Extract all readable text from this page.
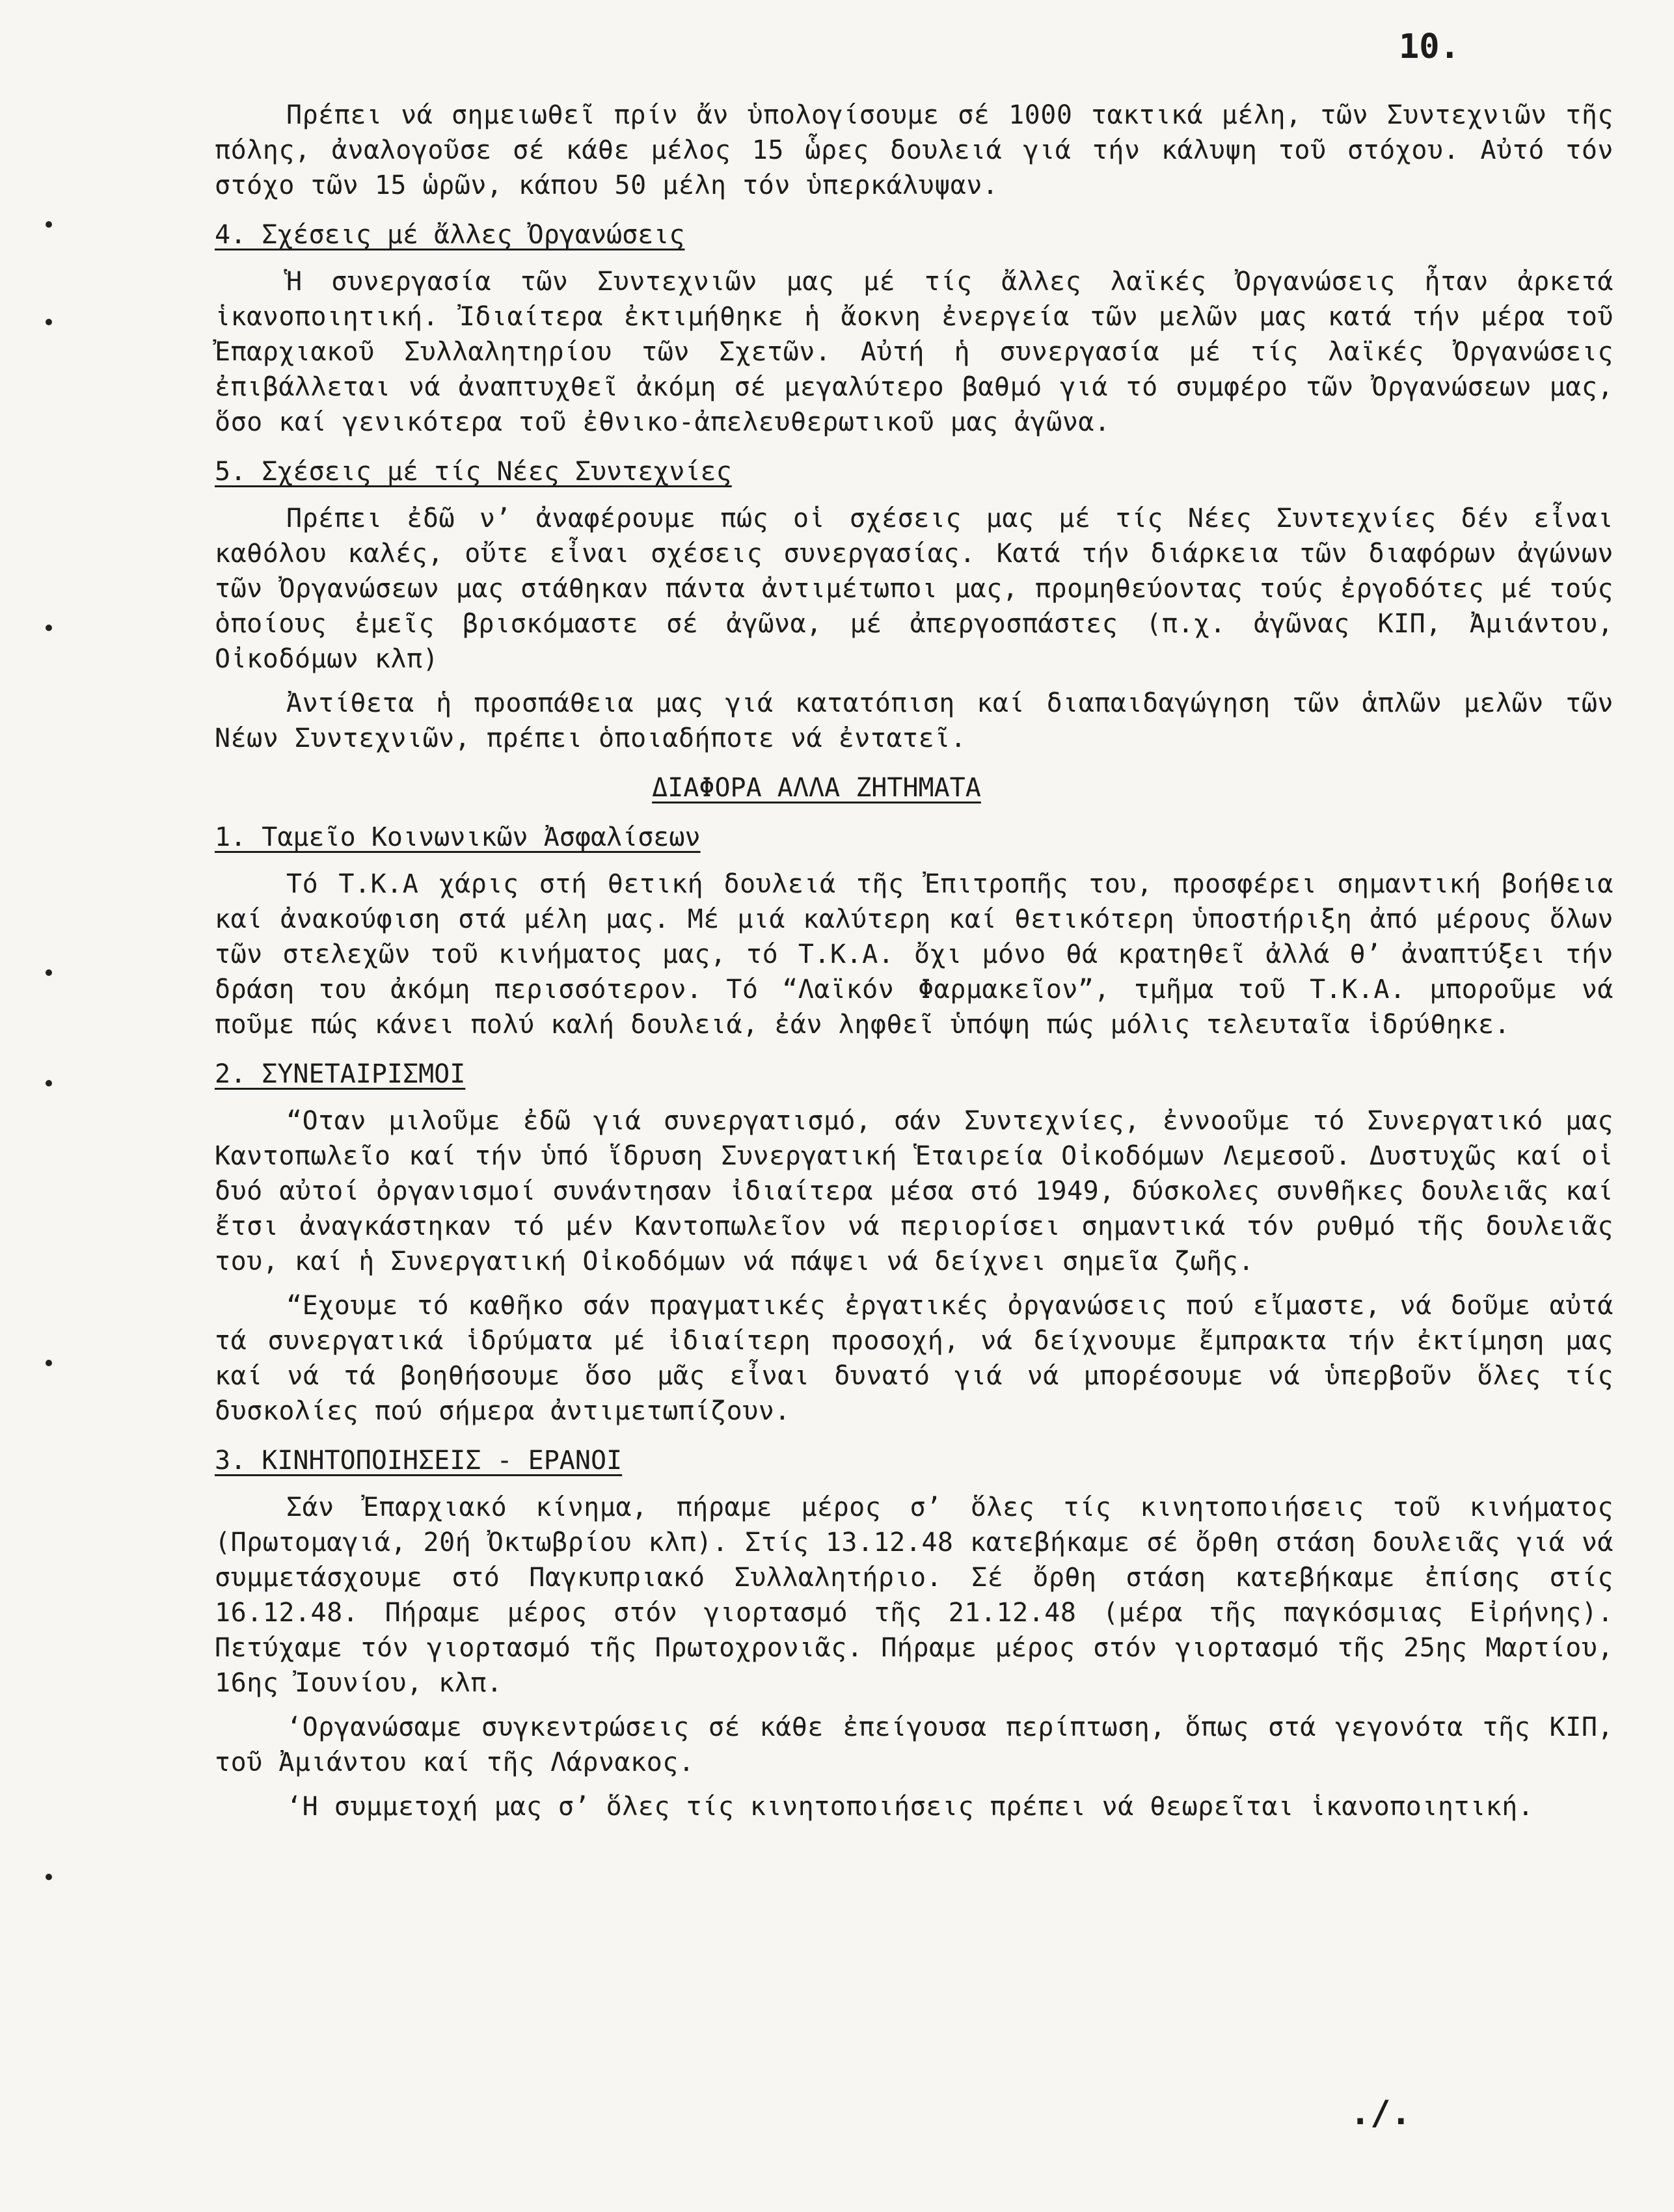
10.

Πρέπει νά σημειωθεῖ πρίν ἄν ὑπολογίσουμε σέ 1000 τακτικά μέλη, τῶν Συντεχνιῶν τῆς πόλης, ἀναλογοῦσε σέ κάθε μέλος 15 ὧρες δουλειά γιά τήν κάλυψη τοῦ στόχου. Αὐτό τόν στόχο τῶν 15 ὡρῶν, κάπου 50 μέλη τόν ὑπερκάλυψαν.

4. Σχέσεις μέ ἄλλες Ὀργανώσεις

Ἡ συνεργασία τῶν Συντεχνιῶν μας μέ τίς ἄλλες λαϊκές Ὀργανώσεις ἦταν ἀρκετά ἱκανοποιητική. Ἰδιαίτερα ἐκτιμήθηκε ἡ ἄοκνη ἐνεργεία τῶν μελῶν μας κατά τήν μέρα τοῦ Ἐπαρχιακοῦ Συλλαλητηρίου τῶν Σχετῶν. Αὐτή ἡ συνεργασία μέ τίς λαϊκές Ὀργανώσεις ἐπιβάλλεται νά ἀναπτυχθεῖ ἀκόμη σέ μεγαλύτερο βαθμό γιά τό συμφέρο τῶν Ὀργανώσεων μας, ὅσο καί γενικότερα τοῦ ἐθνικο-ἀπελευθερωτικοῦ μας ἀγῶνα.

5. Σχέσεις μέ τίς Νέες Συντεχνίες

Πρέπει ἐδῶ ν’ ἀναφέρουμε πώς οἱ σχέσεις μας μέ τίς Νέες Συντεχνίες δέν εἶναι καθόλου καλές, οὔτε εἶναι σχέσεις συνεργασίας. Κατά τήν διάρκεια τῶν διαφόρων ἀγώνων τῶν Ὀργανώσεων μας στάθηκαν πάντα ἀντιμέτωποι μας, προμηθεύοντας τούς ἐργοδότες μέ τούς ὁποίους ἐμεῖς βρισκόμαστε σέ ἀγῶνα, μέ ἀπεργοσπάστες (π.χ. ἀγῶνας ΚΙΠ, Ἀμιάντου, Οἰκοδόμων κλπ)

Ἀντίθετα ἡ προσπάθεια μας γιά κατατόπιση καί διαπαιδαγώγηση τῶν ἁπλῶν μελῶν τῶν Νέων Συντεχνιῶν, πρέπει ὁποιαδήποτε νά ἐντατεῖ.

ΔΙΑΦΟΡΑ ΑΛΛΑ ΖΗΤΗΜΑΤΑ

1. Ταμεῖο Κοινωνικῶν Ἀσφαλίσεων

Τό Τ.Κ.Α χάρις στή θετική δουλειά τῆς Ἐπιτροπῆς του, προσφέρει σημαντική βοήθεια καί ἀνακούφιση στά μέλη μας. Μέ μιά καλύτερη καί θετικότερη ὑποστήριξη ἀπό μέρους ὅλων τῶν στελεχῶν τοῦ κινήματος μας, τό Τ.Κ.Α. ὄχι μόνο θά κρατηθεῖ ἀλλά θ’ ἀναπτύξει τήν δράση του ἀκόμη περισσότερον. Τό “Λαϊκόν Φαρμακεῖον”, τμῆμα τοῦ Τ.Κ.Α. μποροῦμε νά ποῦμε πώς κάνει πολύ καλή δουλειά, ἐάν ληφθεῖ ὑπόψη πώς μόλις τελευταῖα ἱδρύθηκε.

2. ΣΥΝΕΤΑΙΡΙΣΜΟΙ

“Οταν μιλοῦμε ἐδῶ γιά συνεργατισμό, σάν Συντεχνίες, ἐννοοῦμε τό Συνεργατικό μας Καντοπωλεῖο καί τήν ὑπό ἵδρυση Συνεργατική Ἑταιρεία Οἰκοδόμων Λεμεσοῦ. Δυστυχῶς καί οἱ δυό αὐτοί ὀργανισμοί συνάντησαν ἰδιαίτερα μέσα στό 1949, δύσκολες συνθῆκες δουλειᾶς καί ἔτσι ἀναγκάστηκαν τό μέν Καντοπωλεῖον νά περιορίσει σημαντικά τόν ρυθμό τῆς δουλειᾶς του, καί ἡ Συνεργατική Οἰκοδόμων νά πάψει νά δείχνει σημεῖα ζωῆς.

“Εχουμε τό καθῆκο σάν πραγματικές ἐργατικές ὀργανώσεις πού εἴμαστε, νά δοῦμε αὐτά τά συνεργατικά ἱδρύματα μέ ἰδιαίτερη προσοχή, νά δείχνουμε ἔμπρακτα τήν ἐκτίμηση μας καί νά τά βοηθήσουμε ὅσο μᾶς εἶναι δυνατό γιά νά μπορέσουμε νά ὑπερβοῦν ὅλες τίς δυσκολίες πού σήμερα ἀντιμετωπίζουν.

3. ΚΙΝΗΤΟΠΟΙΗΣΕΙΣ - ΕΡΑΝΟΙ

Σάν Ἐπαρχιακό κίνημα, πήραμε μέρος σ’ ὅλες τίς κινητοποιήσεις τοῦ κινήματος (Πρωτομαγιά, 20ή Ὀκτωβρίου κλπ). Στίς 13.12.48 κατεβήκαμε σέ ὄρθη στάση δουλειᾶς γιά νά συμμετάσχουμε στό Παγκυπριακό Συλλαλητήριο. Σέ ὄρθη στάση κατεβήκαμε ἐπίσης στίς 16.12.48. Πήραμε μέρος στόν γιορτασμό τῆς 21.12.48 (μέρα τῆς παγκόσμιας Εἰρήνης). Πετύχαμε τόν γιορτασμό τῆς Πρωτοχρονιᾶς. Πήραμε μέρος στόν γιορτασμό τῆς 25ης Μαρτίου, 16ης Ἰουνίου, κλπ.

‘Οργανώσαμε συγκεντρώσεις σέ κάθε ἐπείγουσα περίπτωση, ὅπως στά γεγονότα τῆς ΚΙΠ, τοῦ Ἀμιάντου καί τῆς Λάρνακος.

‘Η συμμετοχή μας σ’ ὅλες τίς κινητοποιήσεις πρέπει νά θεωρεῖται ἱκανοποιητική.

./.
